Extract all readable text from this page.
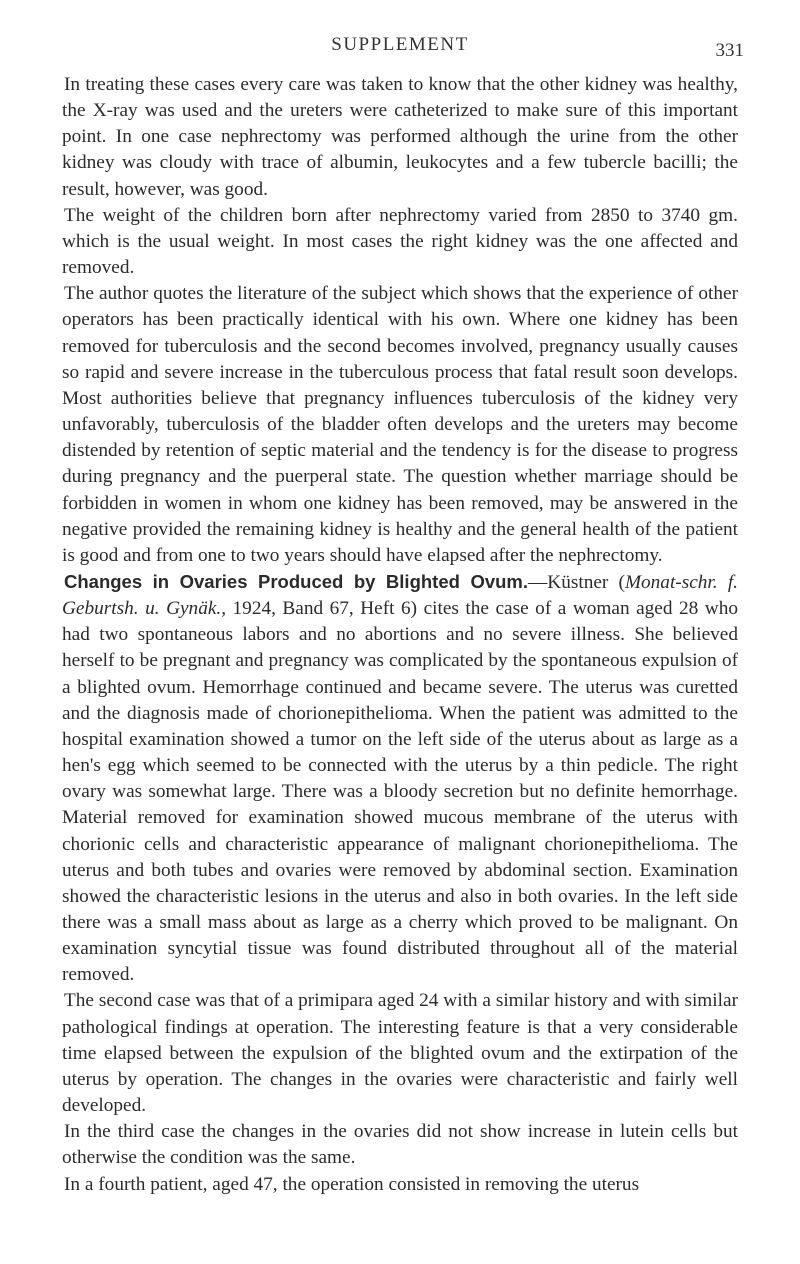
SUPPLEMENT	331

In treating these cases every care was taken to know that the other kidney was healthy, the X-ray was used and the ureters were catheterized to make sure of this important point. In one case nephrectomy was performed although the urine from the other kidney was cloudy with trace of albumin, leukocytes and a few tubercle bacilli; the result, however, was good.

The weight of the children born after nephrectomy varied from 2850 to 3740 gm. which is the usual weight. In most cases the right kidney was the one affected and removed.

The author quotes the literature of the subject which shows that the experience of other operators has been practically identical with his own. Where one kidney has been removed for tuberculosis and the second becomes involved, pregnancy usually causes so rapid and severe increase in the tuberculous process that fatal result soon develops. Most authorities believe that pregnancy influences tuberculosis of the kidney very unfavorably, tuberculosis of the bladder often develops and the ureters may become distended by retention of septic material and the tendency is for the disease to progress during pregnancy and the puerperal state. The question whether marriage should be forbidden in women in whom one kidney has been removed, may be answered in the negative provided the remaining kidney is healthy and the general health of the patient is good and from one to two years should have elapsed after the nephrectomy.

Changes in Ovaries Produced by Blighted Ovum.—Küstner (Monat-schr. f. Geburtsh. u. Gynäk., 1924, Band 67, Heft 6) cites the case of a woman aged 28 who had two spontaneous labors and no abortions and no severe illness. She believed herself to be pregnant and pregnancy was complicated by the spontaneous expulsion of a blighted ovum. Hemorrhage continued and became severe. The uterus was curetted and the diagnosis made of chorionepithelioma. When the patient was admitted to the hospital examination showed a tumor on the left side of the uterus about as large as a hen's egg which seemed to be connected with the uterus by a thin pedicle. The right ovary was somewhat large. There was a bloody secretion but no definite hemorrhage. Material removed for examination showed mucous membrane of the uterus with chorionic cells and characteristic appearance of malignant chorionepithelioma. The uterus and both tubes and ovaries were removed by abdominal section. Examination showed the characteristic lesions in the uterus and also in both ovaries. In the left side there was a small mass about as large as a cherry which proved to be malignant. On examination syncytial tissue was found distributed throughout all of the material removed.

The second case was that of a primipara aged 24 with a similar history and with similar pathological findings at operation. The interesting feature is that a very considerable time elapsed between the expulsion of the blighted ovum and the extirpation of the uterus by operation. The changes in the ovaries were characteristic and fairly well developed.

In the third case the changes in the ovaries did not show increase in lutein cells but otherwise the condition was the same.

In a fourth patient, aged 47, the operation consisted in removing the uterus
